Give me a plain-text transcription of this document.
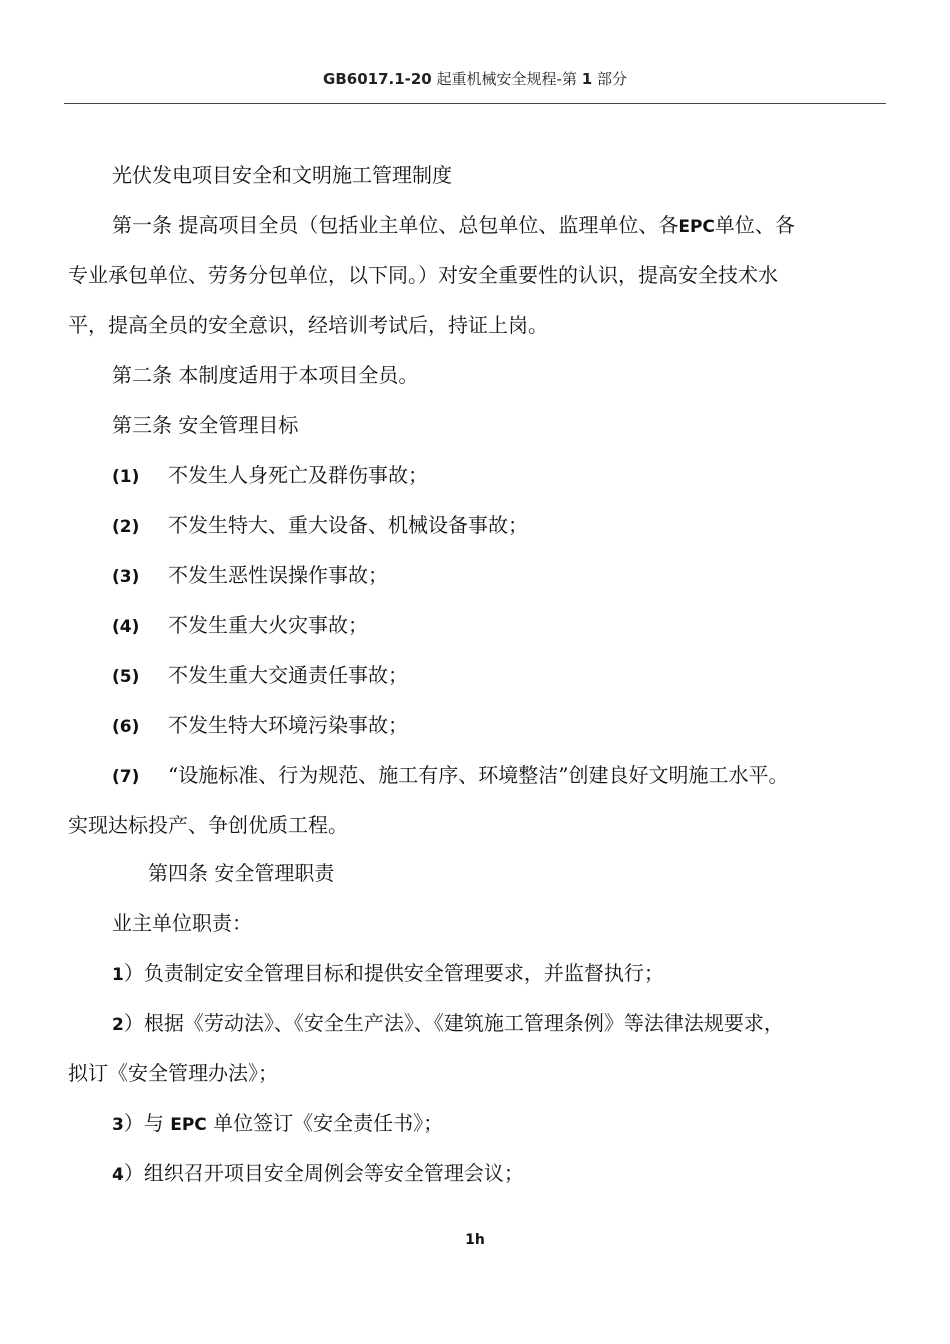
GB6017.1-20 起重机械安全规程-第 1 部分
光伏发电项目安全和文明施工管理制度
第一条 提高项目全员（包括业主单位、总包单位、监理单位、各EPC单位、各
专业承包单位、劳务分包单位，以下同。）对安全重要性的认识，提高安全技术水
平，提高全员的安全意识，经培训考试后，持证上岗。
第二条 本制度适用于本项目全员。
第三条 安全管理目标
(1) 不发生人身死亡及群伤事故；
(2) 不发生特大、重大设备、机械设备事故；
(3) 不发生恶性误操作事故；
(4) 不发生重大火灾事故；
(5) 不发生重大交通责任事故；
(6) 不发生特大环境污染事故；
(7) “设施标准、行为规范、施工有序、环境整洁”创建良好文明施工水平。
实现达标投产、争创优质工程。
第四条 安全管理职责
业主单位职责：
1）负责制定安全管理目标和提供安全管理要求，并监督执行；
2）根据《劳动法》、《安全生产法》、《建筑施工管理条例》等法律法规要求，
拟订《安全管理办法》；
3）与 EPC 单位签订《安全责任书》；
4）组织召开项目安全周例会等安全管理会议；
1h
